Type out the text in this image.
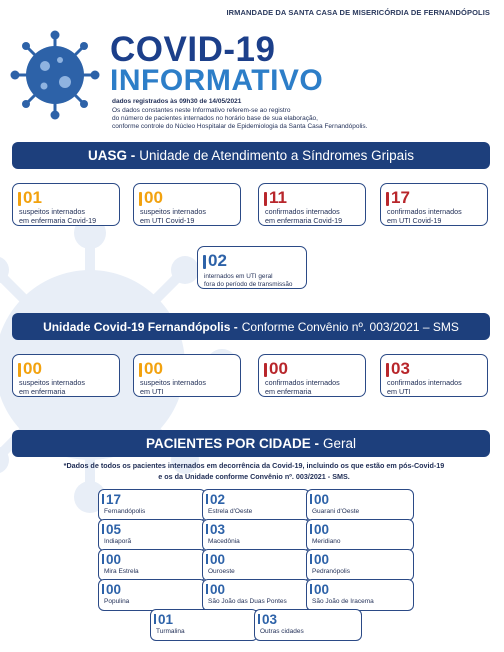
IRMANDADE DA SANTA CASA DE MISERICÓRDIA DE FERNANDÓPOLIS
COVID-19
INFORMATIVO
dados registrados às 09h30 de 14/05/2021
Os dados constantes neste Informativo referem-se ao registro
do número de pacientes internados no horário base de sua elaboração,
conforme controle do Núcleo Hospitalar de Epidemiologia da Santa Casa Fernandópolis.
UASG - Unidade de Atendimento a Síndromes Gripais
01
suspeitos internados
em enfermaria Covid-19
00
suspeitos internados
em UTI Covid-19
11
confirmados internados
em enfermaria Covid-19
17
confirmados internados
em UTI Covid-19
02
internados em UTI geral
fora do período de transmissão
Unidade Covid-19 Fernandópolis - Conforme Convênio nº. 003/2021 – SMS
00
suspeitos internados
em enfermaria
00
suspeitos internados
em UTI
00
confirmados internados
em enfermaria
03
confirmados internados
em UTI
PACIENTES POR CIDADE - Geral
*Dados de todos os pacientes internados em decorrência da Covid-19, incluindo os que estão em pós-Covid-19
e os da Unidade conforme Convênio nº. 003/2021 - SMS.
17
Fernandópolis
02
Estrela d'Oeste
00
Guarani d'Oeste
05
Indiaporã
03
Macedônia
00
Meridiano
00
Mira Estrela
00
Ouroeste
00
Pedranópolis
00
Populina
00
São João das Duas Pontes
00
São João de Iracema
01
Turmalina
03
Outras cidades
